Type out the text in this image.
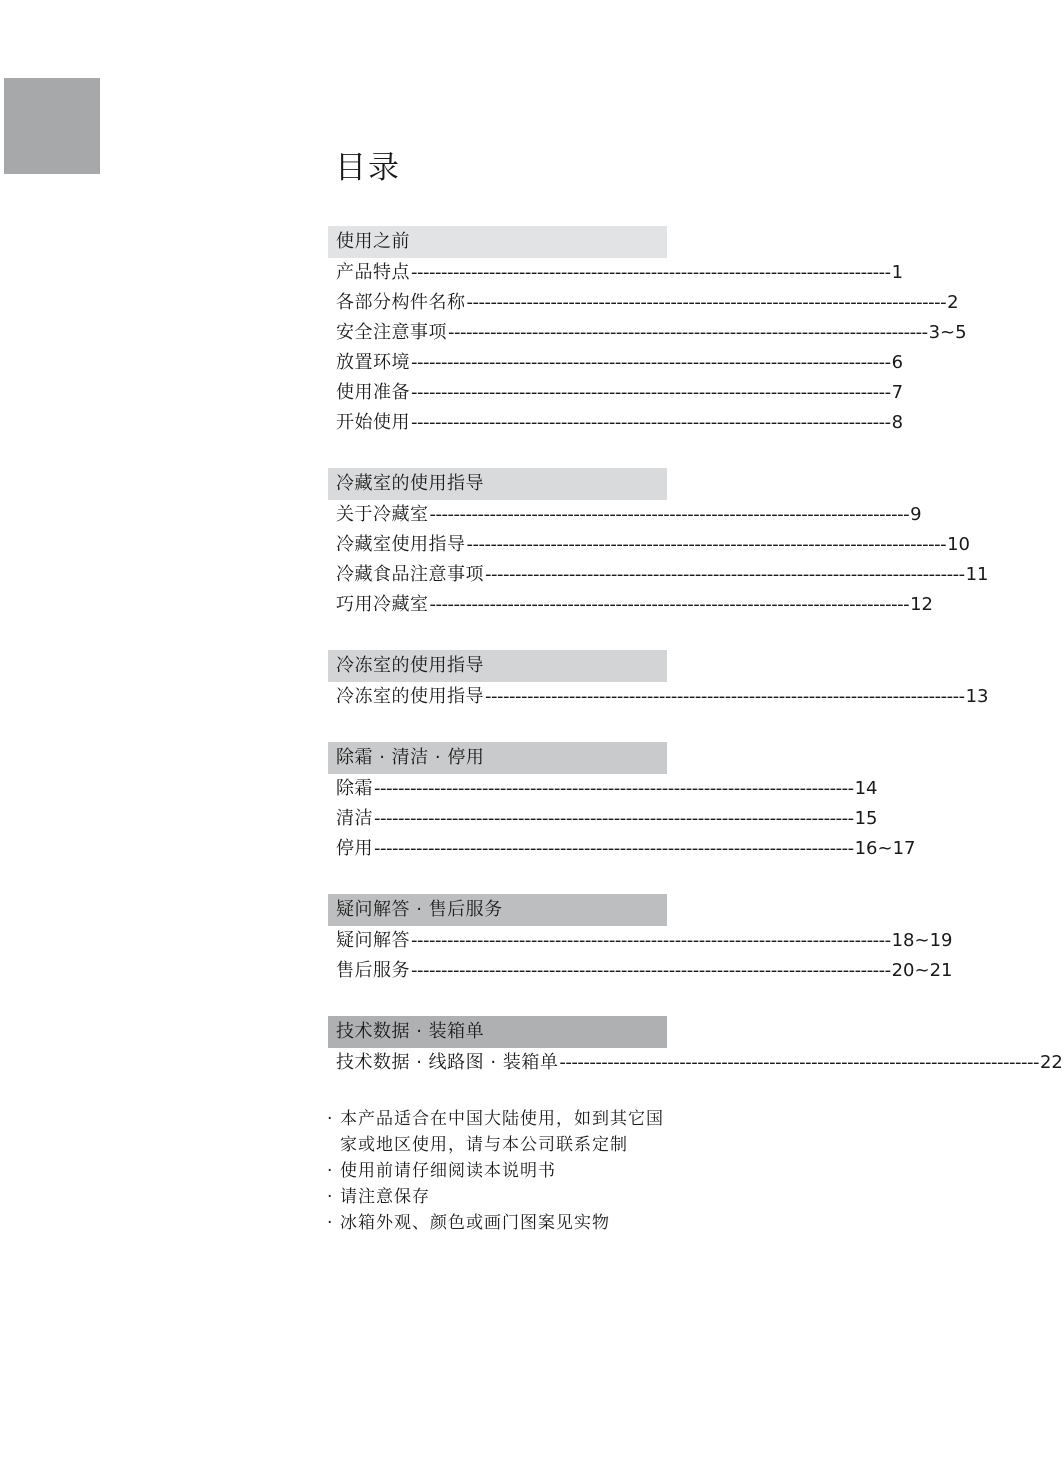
目录
使用之前
产品特点 -------------------------------------------------------------------------------- 1
各部分构件名称 -------------------------------------------------------------------------------- 2
安全注意事项 -------------------------------------------------------------------------------- 3~5
放置环境 -------------------------------------------------------------------------------- 6
使用准备 -------------------------------------------------------------------------------- 7
开始使用 -------------------------------------------------------------------------------- 8
冷藏室的使用指导
关于冷藏室 -------------------------------------------------------------------------------- 9
冷藏室使用指导 -------------------------------------------------------------------------------- 10
冷藏食品注意事项 -------------------------------------------------------------------------------- 11
巧用冷藏室 -------------------------------------------------------------------------------- 12
冷冻室的使用指导
冷冻室的使用指导 -------------------------------------------------------------------------------- 13
除霜 · 清洁 · 停用
除霜 -------------------------------------------------------------------------------- 14
清洁 -------------------------------------------------------------------------------- 15
停用 -------------------------------------------------------------------------------- 16~17
疑问解答 · 售后服务
疑问解答 -------------------------------------------------------------------------------- 18~19
售后服务 -------------------------------------------------------------------------------- 20~21
技术数据 · 装箱单
技术数据 · 线路图 · 装箱单 -------------------------------------------------------------------------------- 22
· 本产品适合在中国大陆使用，如到其它国
家或地区使用，请与本公司联系定制
· 使用前请仔细阅读本说明书
· 请注意保存
· 冰箱外观、颜色或画门图案见实物
